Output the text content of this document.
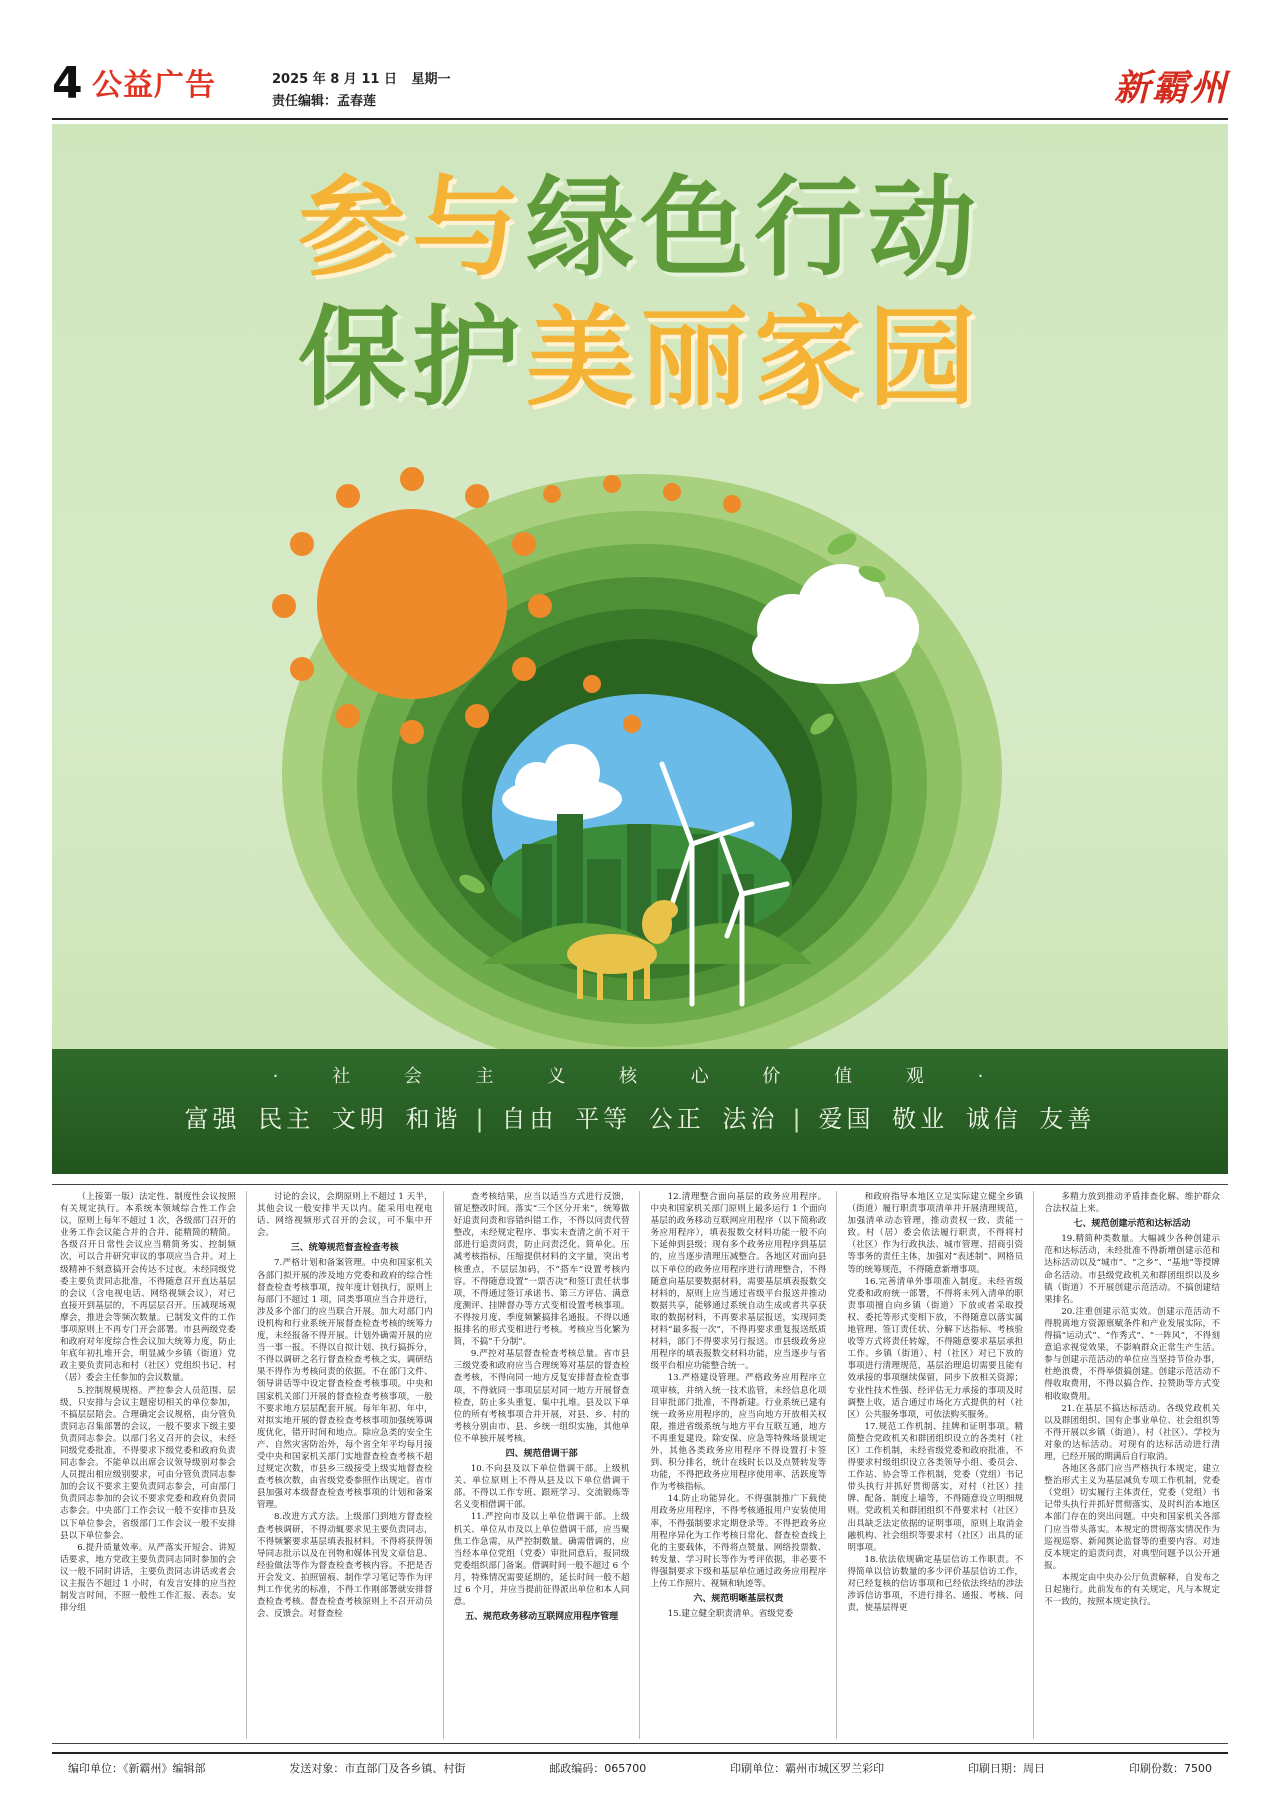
4 公益广告	2025 年 8 月 11 日 星期一
责任编辑：孟春莲	新霸州
参与绿色行动
保护美丽家园
· 社 会 主 义 核 心 价 值 观 ·
富强 民主 文明 和谐 | 自由 平等 公正 法治 | 爱国 敬业 诚信 友善

（上接第一版）法定性、制度性会议按照有关规定执行。本系统本领域综合性工作会议，原则上每年不超过 1 次，各级部门召开的业务工作会议能合并的合并、能精简的精简。各级召开日常性会议应当精简务实、控制频次，可以合并研究审议的事项应当合并。对上级精神不刻意搞开会传达不过夜。未经同级党委主要负责同志批准，不得随意召开直达基层的会议（含电视电话、网络视频会议），对已直接开到基层的，不再层层召开。压减现场观摩会，推进会等频次数量。已制发文件的工作事项原则上不再专门开会部署。市县两级党委和政府对年度综合性会议加大统筹力度，防止年底年初扎堆开会，明显减少乡镇（街道）党政主要负责同志和村（社区）党组织书记、村（居）委会主任参加的会议数量。

5.控制规模规格。严控参会人员范围、层级，只安排与会议主题密切相关的单位参加，不搞层层陪会。合理确定会议规格，由分管负责同志召集部署的会议，一般不要求下级主要负责同志参会。以部门名义召开的会议，未经同级党委批准，不得要求下级党委和政府负责同志参会。不能单以出席会议领导级别对参会人员提出相应级别要求，可由分管负责同志参加的会议不要求主要负责同志参会，可由部门负责同志参加的会议不要求党委和政府负责同志参会。中央部门工作会议一般不安排市县及以下单位参会，省级部门工作会议一般不安排县以下单位参会。

6.提升质量效率。从严落实开短会、讲短话要求，地方党政主要负责同志同时参加的会议一般不同时讲话，主要负责同志讲话或者会议主报告不超过 1 小时，有发言安排的应当控制发言时间，不照一般性工作汇报、表态。安排分组

讨论的会议，会期原则上不超过 1 天半，其他会议一般安排半天以内。能采用电视电话、网络视频形式召开的会议，可不集中开会。

三、统筹规范督查检查考核

7.严格计划和备案管理。中央和国家机关各部门拟开展的涉及地方党委和政府的综合性督查检查考核事项，按年度计划执行，原则上每部门不超过 1 项，同类事项应当合并进行，涉及多个部门的应当联合开展。加大对部门内设机构和行业系统开展督查检查考核的统筹力度，未经报备不得开展。计划外确需开展的应当一事一报。不得以自拟计划、执行搞拆分，不得以调研之名行督查检查考核之实，调研结果不得作为考核问责的依据。不在部门文件、领导讲话等中设定督查检查考核事项。中央和国家机关部门开展的督查检查考核事项，一般不要求地方层层配套开展。每年年初、年中，对拟实地开展的督查检查考核事项加强统筹调度优化，错开时间和地点。除应急类的安全生产、自然灾害防治外，每个省全年平均每月接受中央和国家机关部门实地督查检查考核不超过规定次数，市县乡三级接受上级实地督查检查考核次数，由省级党委参照作出规定。省市县加强对本级督查检查考核事项的计划和备案管理。

8.改进方式方法。上级部门到地方督查检查考核调研，不得动辄要求见主要负责同志，不得频繁要求基层填表报材料。不得将获得领导同志批示以及在刊物和媒体刊发文章信息、经验做法等作为督查检查考核内容。不把是否开会发文、拍照留痕、制作学习笔记等作为评判工作优劣的标准，不得工作刚部署就安排督查检查考核。督查检查考核原则上不召开动员会、反馈会。对督查检

查考核结果，应当以适当方式进行反馈，留足整改时间。落实“三个区分开来”，统筹做好追责问责和容错纠错工作，不得以问责代替整改，未经规定程序、事实未查清之前不对干部进行追责问责，防止问责泛化、简单化。压减考核指标，压缩提供材料的文字量，突出考核重点，不层层加码，不“搭车”设置考核内容。不得随意设置“一票否决”和签订责任状事项，不得通过签订承诺书、第三方评估、满意度测评、挂牌督办等方式变相设置考核事项。不得按月度、季度频繁搞排名通报。不得以通报排名的形式变相进行考核。考核应当化繁为简，不搞“千分制”。

9.严控对基层督查检查考核总量。省市县三级党委和政府应当合理统筹对基层的督查检查考核，不得向同一地方反复安排督查检查事项，不得就同一事项层层对同一地方开展督查检查，防止多头重复、集中扎堆。县及以下单位的所有考核事项合并开展，对县、乡、村的考核分别由市、县、乡统一组织实施，其他单位不单独开展考核。

四、规范借调干部

10.不向县及以下单位借调干部。上级机关、单位原则上不得从县及以下单位借调干部。不得以工作专班、跟班学习、交流锻炼等名义变相借调干部。

11.严控向市及以上单位借调干部。上级机关、单位从市及以上单位借调干部，应当聚焦工作急需，从严控制数量。确需借调的，应当经本单位党组（党委）审批同意后，报同级党委组织部门备案。借调时间一般不超过 6 个月，特殊情况需要延期的，延长时间一般不超过 6 个月，并应当提前征得派出单位和本人同意。

五、规范政务移动互联网应用程序管理

12.清理整合面向基层的政务应用程序。中央和国家机关部门原则上最多运行 1 个面向基层的政务移动互联网应用程序（以下简称政务应用程序），填表报数交材料功能一般不向下延伸到县级；现有多个政务应用程序到基层的，应当逐步清理压减整合。各地区对面向县以下单位的政务应用程序进行清理整合，不得随意向基层要数据材料，需要基层填表报数交材料的，原则上应当通过省级平台报送并推动数据共享，能够通过系统自动生成或者共享获取的数据材料，不再要求基层报送，实现同类材料“最多报一次”，不得再要求重复报送纸质材料，部门不得要求另行报送。市县级政务应用程序的填表报数交材料功能，应当逐步与省级平台相应功能整合统一。

13.严格建设管理。严格政务应用程序立项审核，并纳入统一技术监管，未经信息化项目审批部门批准，不得新建。行业系统已建有统一政务应用程序的，应当向地方开放相关权限，推进省级系统与地方平台互联互通，地方不再重复建设。除安保、应急等特殊场景规定外，其他各类政务应用程序不得设置打卡签到、积分排名，统计在线时长以及点赞转发等功能，不得把政务应用程序使用率、活跃度等作为考核指标。

14.防止功能异化。不得强制推广下载使用政务应用程序，不得考核通报用户安装使用率，不得强制要求定期登录等。不得把政务应用程序异化为工作考核日常化、督查检查线上化的主要载体，不得将点赞量、网络投票数、转发量、学习时长等作为考评依据，非必要不得强制要求下级和基层单位通过政务应用程序上传工作照片、视频和轨迹等。

六、规范明晰基层权责

15.建立健全职责清单。省级党委

和政府指导本地区立足实际建立健全乡镇（街道）履行职责事项清单并开展清理规范，加强清单动态管理，推动责权一致、责能一致。村（居）委会依法履行职责，不得将村（社区）作为行政执法、城市管理、招商引资等事务的责任主体，加强对“表述制”、网格员等的统筹规范，不得随意新增事项。

16.完善清单外事项准入制度。未经省级党委和政府统一部署，不得将未列入清单的职责事项擅自向乡镇（街道）下放或者采取授权、委托等形式变相下放，不得随意以落实属地管理、签订责任状、分解下达指标、考核验收等方式将责任转嫁，不得随意要求基层承担工作。乡镇（街道）、村（社区）对已下放的事项进行清理规范，基层治理追切需要且能有效承接的事项继续保留，同步下放相关资源；专业性技术性强、经评估无力承接的事项及时调整上收，适合通过市场化方式提供的村（社区）公共服务事项，可依法购买服务。

17.规范工作机制、挂牌和证明事项。精简整合党政机关和群团组织设立的各类村（社区）工作机制，未经省级党委和政府批准，不得要求村级组织设立各类领导小组、委员会、工作站、协会等工作机制，党委（党组）书记带头执行并抓好贯彻落实，对村（社区）挂牌、配备、制度上墙等，不得随意设立明细规则。党政机关和群团组织不得要求村（社区）出具缺乏法定依据的证明事项，原则上取消金融机构、社会组织等要求村（社区）出具的证明事项。

18.依法依规确定基层信访工作职责。不得简单以信访数量的多少评价基层信访工作，对已经复核的信访事项和已经依法终结的涉法涉诉信访事项，不进行排名、通报、考核、问责，使基层得更

多精力放到推动矛盾排查化解、维护群众合法权益上来。

七、规范创建示范和达标活动

19.精简种类数量。大幅减少各种创建示范和达标活动，未经批准不得新增创建示范和达标活动以及“城市”、“之乡”、“基地”等授牌命名活动。市县级党政机关和群团组织以及乡镇（街道）不开展创建示范活动。不搞创建结果排名。

20.注重创建示范实效。创建示范活动不得脱离地方资源禀赋条件和产业发展实际，不得搞“运动式”、“作秀式”、“一阵风”，不得刻意追求视觉效果，不影响群众正常生产生活。参与创建示范活动的单位应当坚持节俭办事，杜绝浪费，不得举债搞创建。创建示范活动不得收取费用，不得以搞合作、拉赞助等方式变相收取费用。

21.在基层不搞达标活动。各级党政机关以及群团组织、国有企事业单位、社会组织等不得开展以乡镇（街道）、村（社区）、学校为对象的达标活动。对现有的达标活动进行清理，已经开展的期满后自行取消。

各地区各部门应当严格执行本规定，建立整治形式主义为基层减负专项工作机制，党委（党组）切实履行主体责任，党委（党组）书记带头执行并抓好贯彻落实，及时纠治本地区本部门存在的突出问题。中央和国家机关各部门应当带头落实。本规定的贯彻落实情况作为巡视巡察、新闻舆论监督等的重要内容。对违反本规定的追责问责，对典型问题予以公开通报。

本规定由中央办公厅负责解释，自发布之日起施行。此前发布的有关规定，凡与本规定不一致的，按照本规定执行。

编印单位：《新霸州》编辑部	发送对象：市直部门及各乡镇、村街	邮政编码：065700	印刷单位：霸州市城区罗兰彩印	印刷日期：周日	印刷份数：7500
